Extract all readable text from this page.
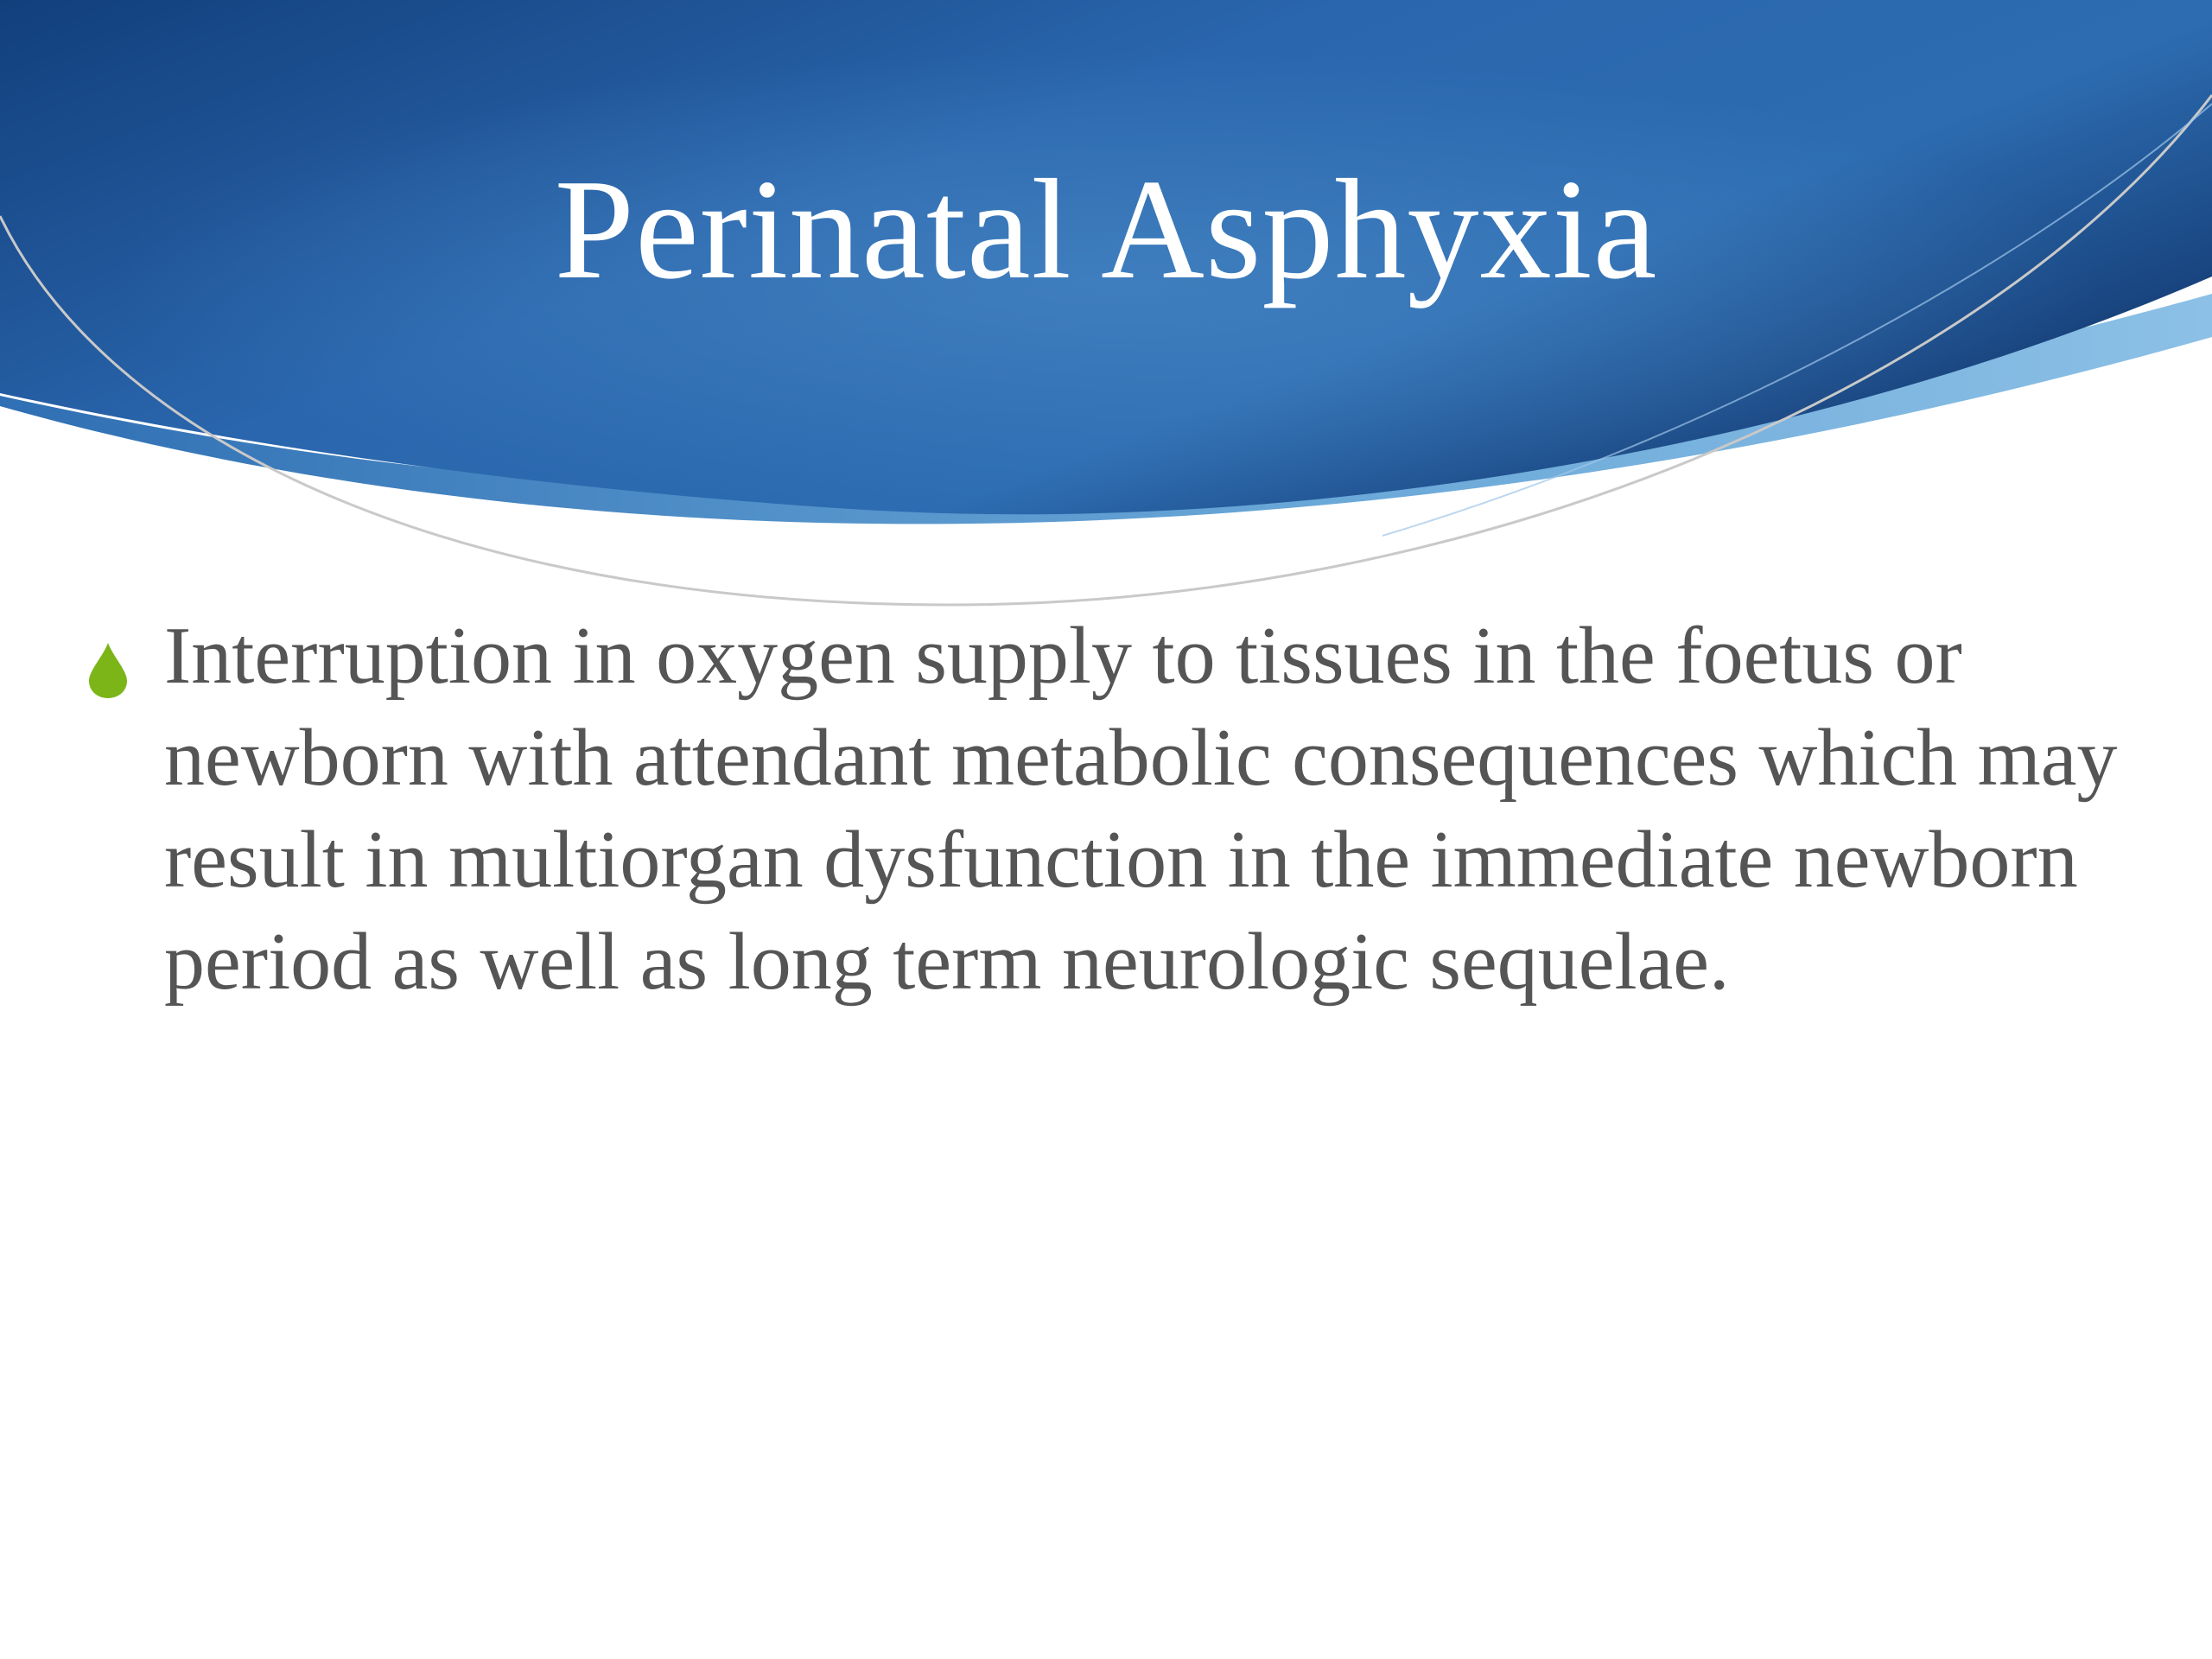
Perinatal Asphyxia

Interruption in oxygen supply to tissues in the foetus or newborn with attendant metabolic consequences which may result in multiorgan dysfunction in the immediate newborn period as well as long term neurologic sequelae.
